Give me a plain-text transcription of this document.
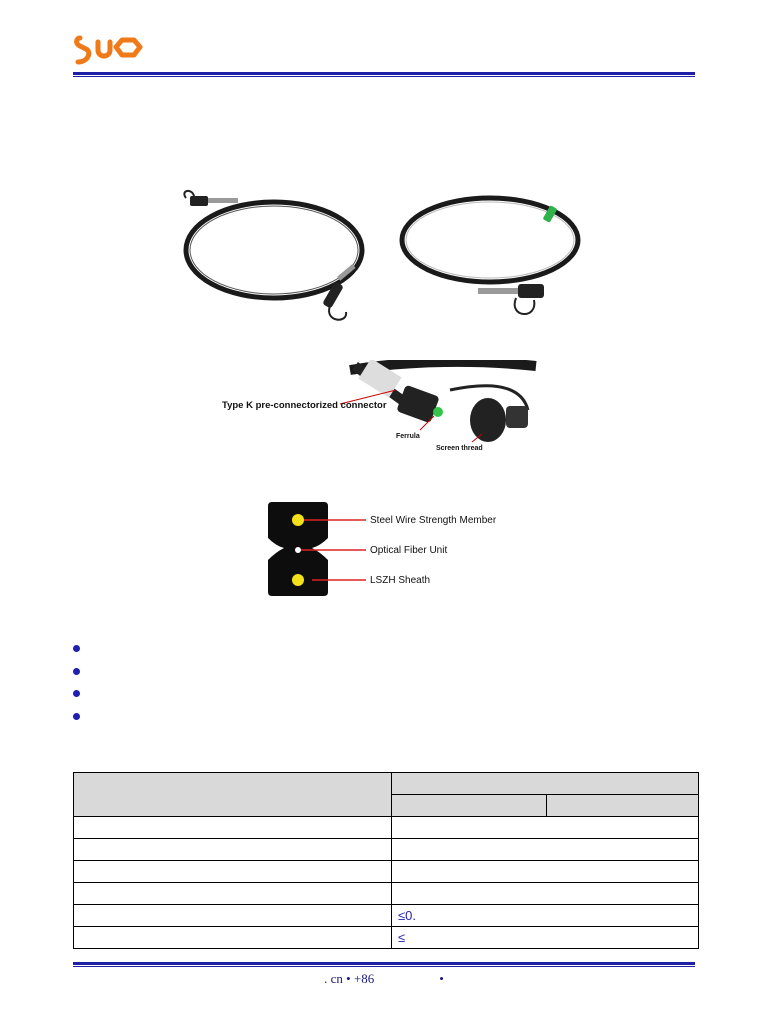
Type K pre-connectorized connector
Ferrula
Screen thread
Steel Wire Strength Member
Optical Fiber Unit
LSZH Sheath

	≤0.	
	≤	
. cn • +86                    •
